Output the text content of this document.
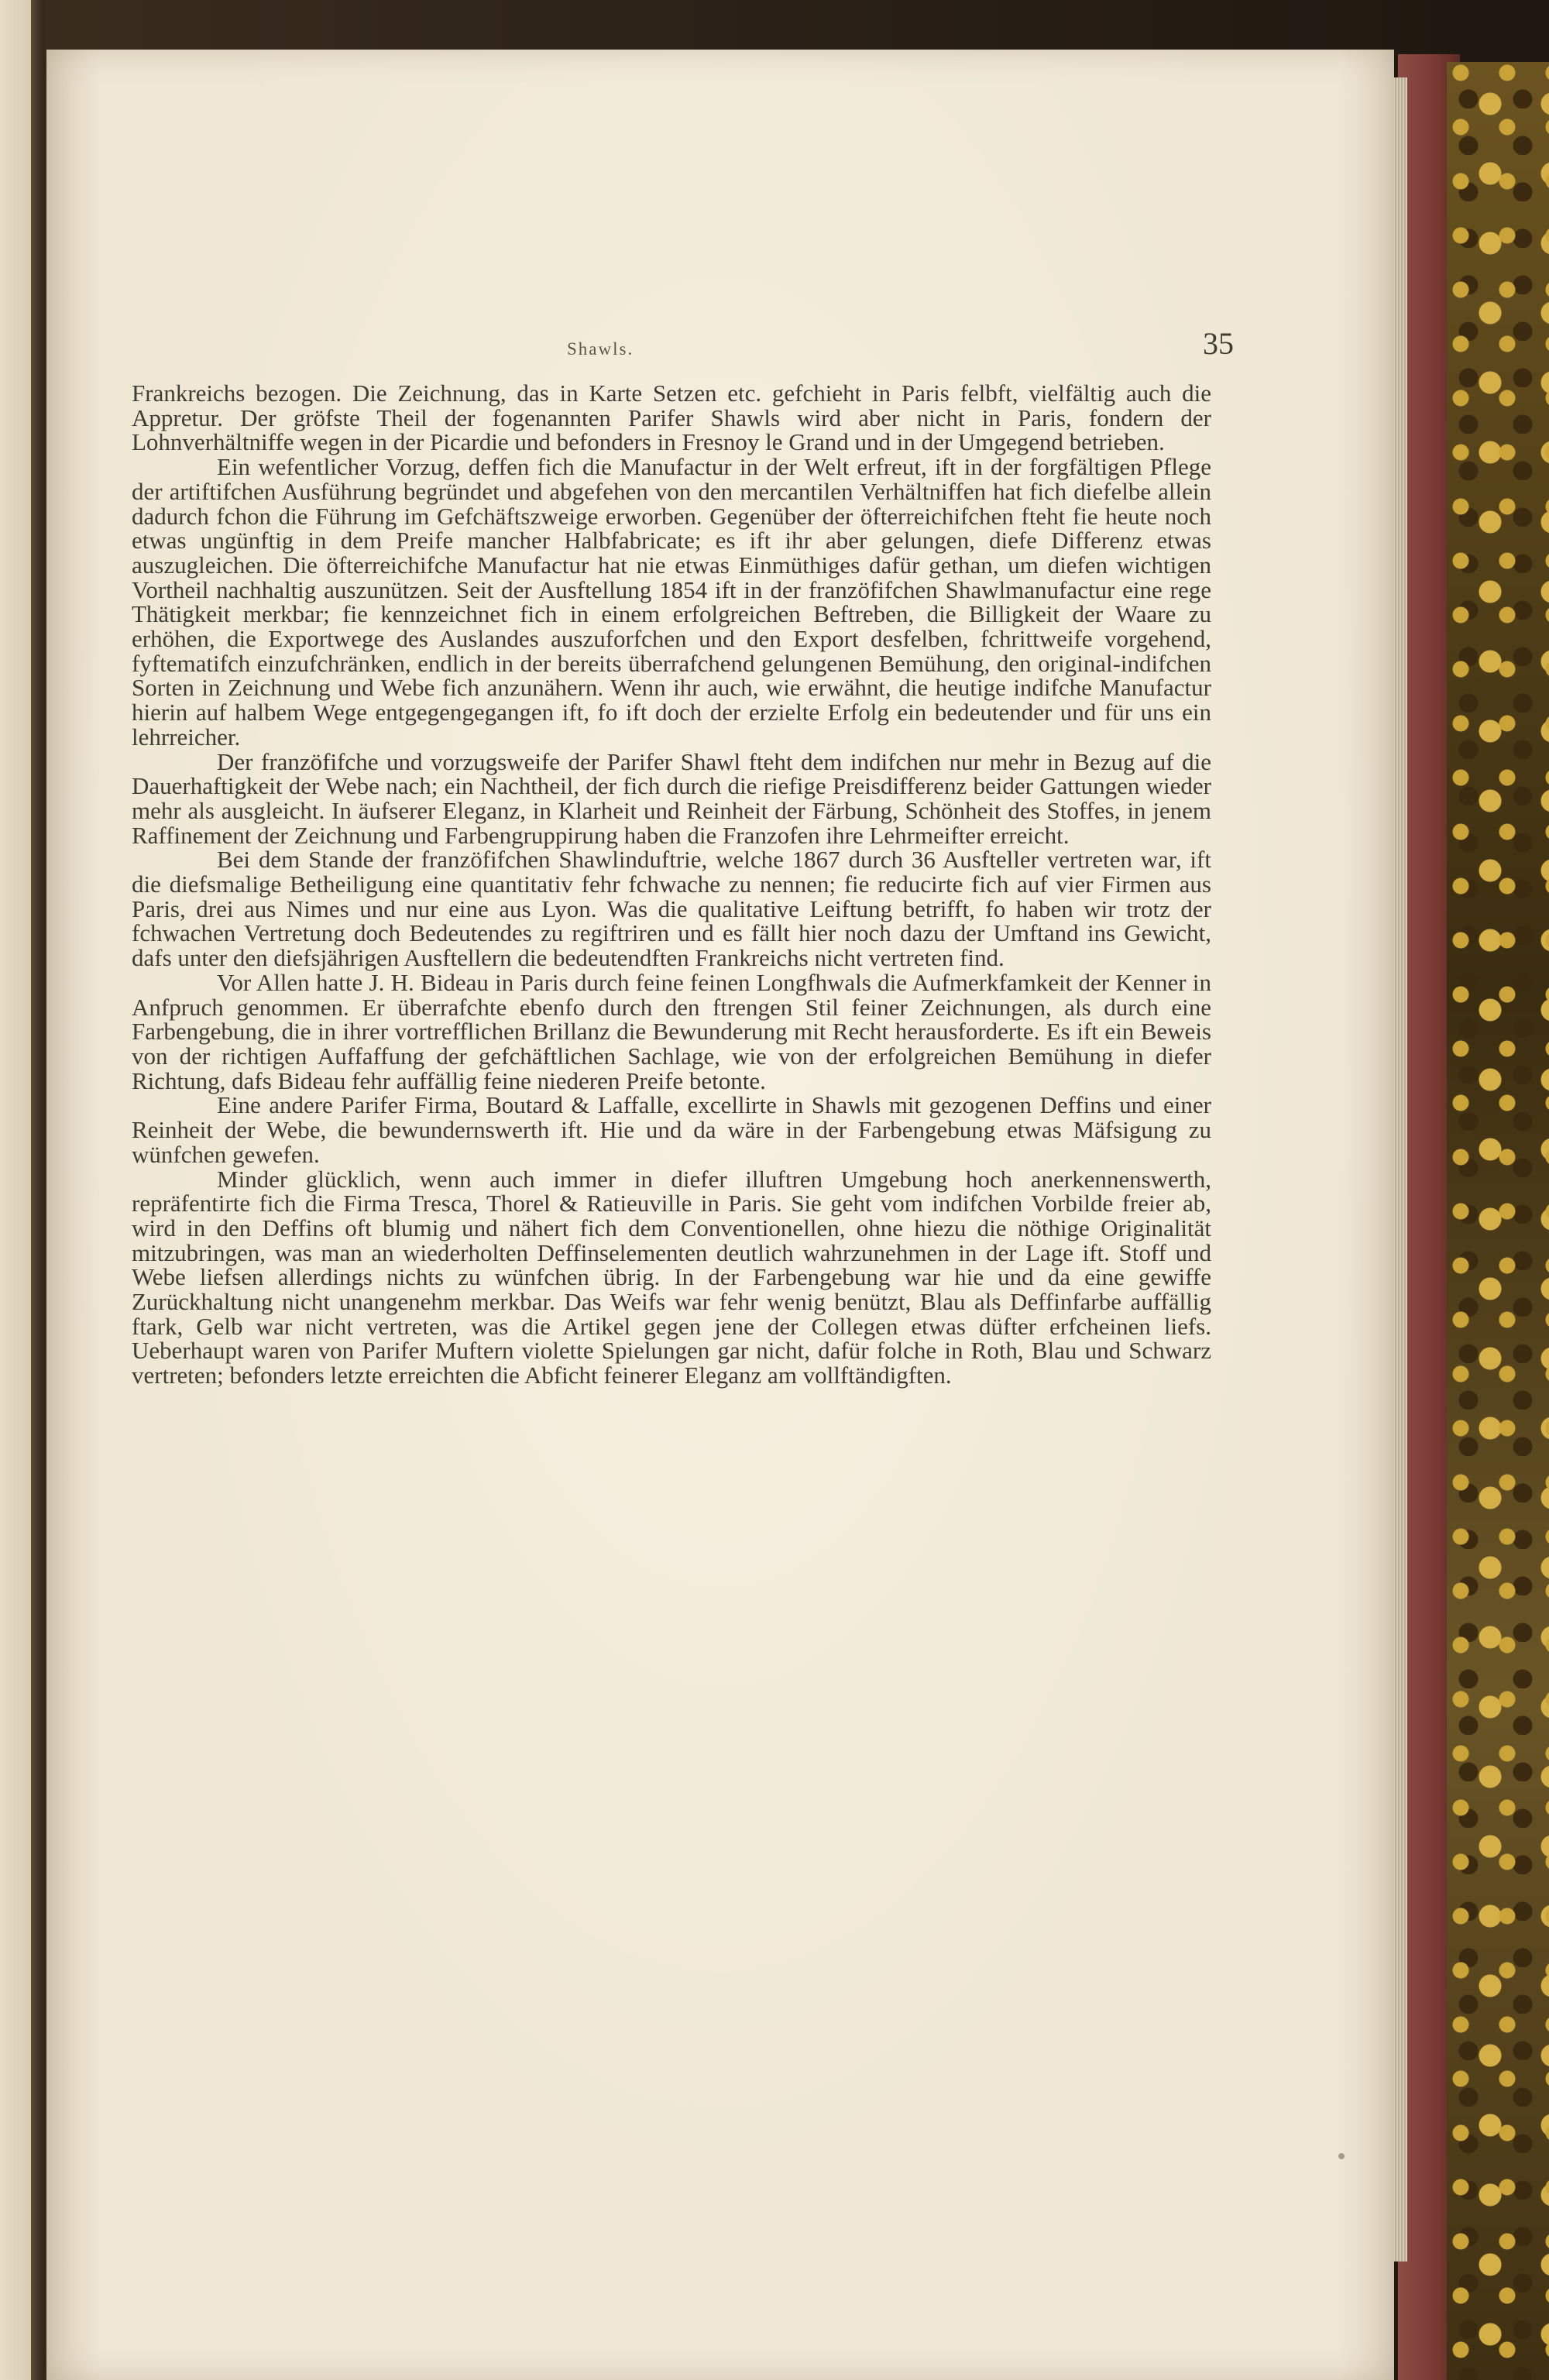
Shawls.	35

Frankreichs bezogen. Die Zeichnung, das in Karte Setzen etc. gefchieht in Paris felbft, vielfältig auch die Appretur. Der gröfste Theil der fogenannten Parifer Shawls wird aber nicht in Paris, fondern der Lohnverhältniffe wegen in der Picardie und befonders in Fresnoy le Grand und in der Umgegend betrieben.

Ein wefentlicher Vorzug, deffen fich die Manufactur in der Welt erfreut, ift in der forgfältigen Pflege der artiftifchen Ausführung begründet und abgefehen von den mercantilen Verhältniffen hat fich diefelbe allein dadurch fchon die Führung im Gefchäftszweige erworben. Gegenüber der öfterreichifchen fteht fie heute noch etwas ungünftig in dem Preife mancher Halbfabricate; es ift ihr aber gelungen, diefe Differenz etwas auszugleichen. Die öfterreichifche Manufactur hat nie etwas Einmüthiges dafür gethan, um diefen wichtigen Vortheil nachhaltig auszunützen. Seit der Ausftellung 1854 ift in der franzöfifchen Shawlmanufactur eine rege Thätigkeit merkbar; fie kennzeichnet fich in einem erfolgreichen Beftreben, die Billigkeit der Waare zu erhöhen, die Exportwege des Auslandes auszuforfchen und den Export desfelben, fchrittweife vorgehend, fyftematifch einzufchränken, endlich in der bereits überrafchend gelungenen Bemühung, den original-indifchen Sorten in Zeichnung und Webe fich anzunähern. Wenn ihr auch, wie erwähnt, die heutige indifche Manufactur hierin auf halbem Wege entgegengegangen ift, fo ift doch der erzielte Erfolg ein bedeutender und für uns ein lehrreicher.

Der franzöfifche und vorzugsweife der Parifer Shawl fteht dem indifchen nur mehr in Bezug auf die Dauerhaftigkeit der Webe nach; ein Nachtheil, der fich durch die riefige Preisdifferenz beider Gattungen wieder mehr als ausgleicht. In äufserer Eleganz, in Klarheit und Reinheit der Färbung, Schönheit des Stoffes, in jenem Raffinement der Zeichnung und Farbengruppirung haben die Franzofen ihre Lehrmeifter erreicht.

Bei dem Stande der franzöfifchen Shawlinduftrie, welche 1867 durch 36 Ausfteller vertreten war, ift die diefsmalige Betheiligung eine quantitativ fehr fchwache zu nennen; fie reducirte fich auf vier Firmen aus Paris, drei aus Nimes und nur eine aus Lyon. Was die qualitative Leiftung betrifft, fo haben wir trotz der fchwachen Vertretung doch Bedeutendes zu regiftriren und es fällt hier noch dazu der Umftand ins Gewicht, dafs unter den diefsjährigen Ausftellern die bedeutendften Frankreichs nicht vertreten find.

Vor Allen hatte J. H. Bideau in Paris durch feine feinen Longfhwals die Aufmerkfamkeit der Kenner in Anfpruch genommen. Er überrafchte ebenfo durch den ftrengen Stil feiner Zeichnungen, als durch eine Farbengebung, die in ihrer vortrefflichen Brillanz die Bewunderung mit Recht herausforderte. Es ift ein Beweis von der richtigen Auffaffung der gefchäftlichen Sachlage, wie von der erfolgreichen Bemühung in diefer Richtung, dafs Bideau fehr auffällig feine niederen Preife betonte.

Eine andere Parifer Firma, Boutard & Laffalle, excellirte in Shawls mit gezogenen Deffins und einer Reinheit der Webe, die bewundernswerth ift. Hie und da wäre in der Farbengebung etwas Mäfsigung zu wünfchen gewefen.

Minder glücklich, wenn auch immer in diefer illuftren Umgebung hoch anerkennenswerth, repräfentirte fich die Firma Tresca, Thorel & Ratieuville in Paris. Sie geht vom indifchen Vorbilde freier ab, wird in den Deffins oft blumig und nähert fich dem Conventionellen, ohne hiezu die nöthige Originalität mitzubringen, was man an wiederholten Deffinselementen deutlich wahrzunehmen in der Lage ift. Stoff und Webe liefsen allerdings nichts zu wünfchen übrig. In der Farbengebung war hie und da eine gewiffe Zurückhaltung nicht unangenehm merkbar. Das Weifs war fehr wenig benützt, Blau als Deffinfarbe auffällig ftark, Gelb war nicht vertreten, was die Artikel gegen jene der Collegen etwas düfter erfcheinen liefs. Ueberhaupt waren von Parifer Muftern violette Spielungen gar nicht, dafür folche in Roth, Blau und Schwarz vertreten; befonders letzte erreichten die Abficht feinerer Eleganz am vollftändigften.
